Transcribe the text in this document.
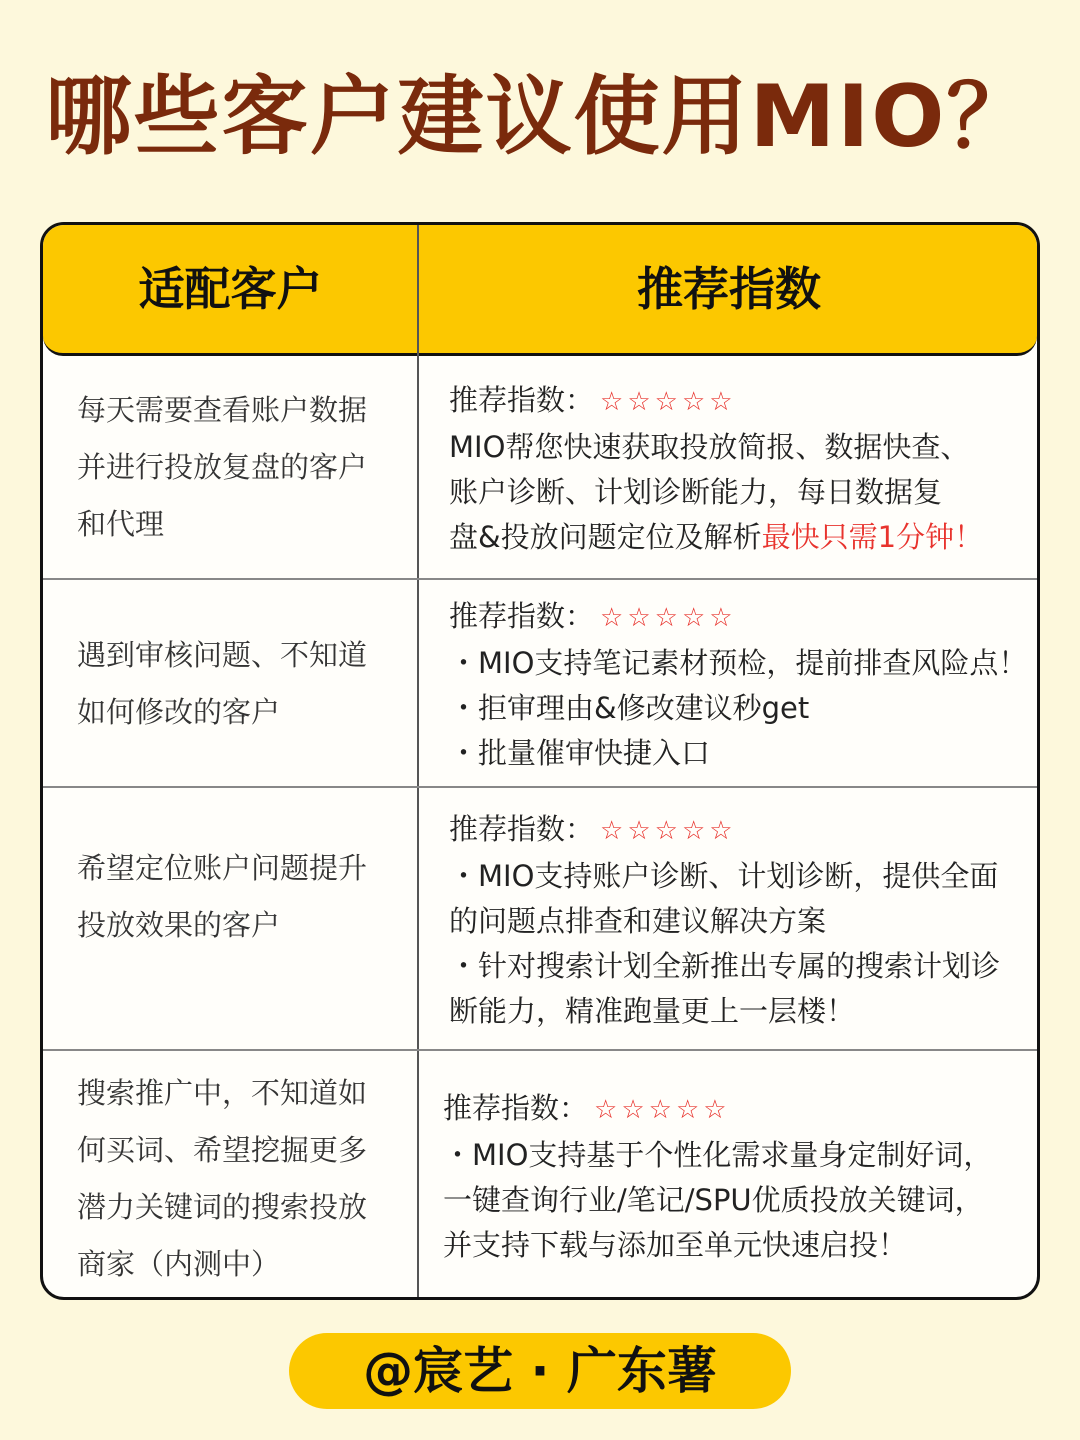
哪些客户建议使用MIO？
适配客户	推荐指数
每天需要查看账户数据
并进行投放复盘的客户
和代理

推荐指数： ☆☆☆☆☆

MIO帮您快速获取投放简报、数据快查、

账户诊断、计划诊断能力，每日数据复

盘&投放问题定位及解析最快只需1分钟！

遇到审核问题、不知道
如何修改的客户

推荐指数： ☆☆☆☆☆

・MIO支持笔记素材预检，提前排查风险点！

・拒审理由&修改建议秒get

・批量催审快捷入口

希望定位账户问题提升
投放效果的客户

推荐指数： ☆☆☆☆☆

・MIO支持账户诊断、计划诊断，提供全面

的问题点排查和建议解决方案

・针对搜索计划全新推出专属的搜索计划诊

断能力，精准跑量更上一层楼！

搜索推广中，不知道如
何买词、希望挖掘更多
潜力关键词的搜索投放
商家（内测中）

推荐指数： ☆☆☆☆☆

・MIO支持基于个性化需求量身定制好词，

一键查询行业/笔记/SPU优质投放关键词，

并支持下载与添加至单元快速启投！

@宸艺 · 广东薯
